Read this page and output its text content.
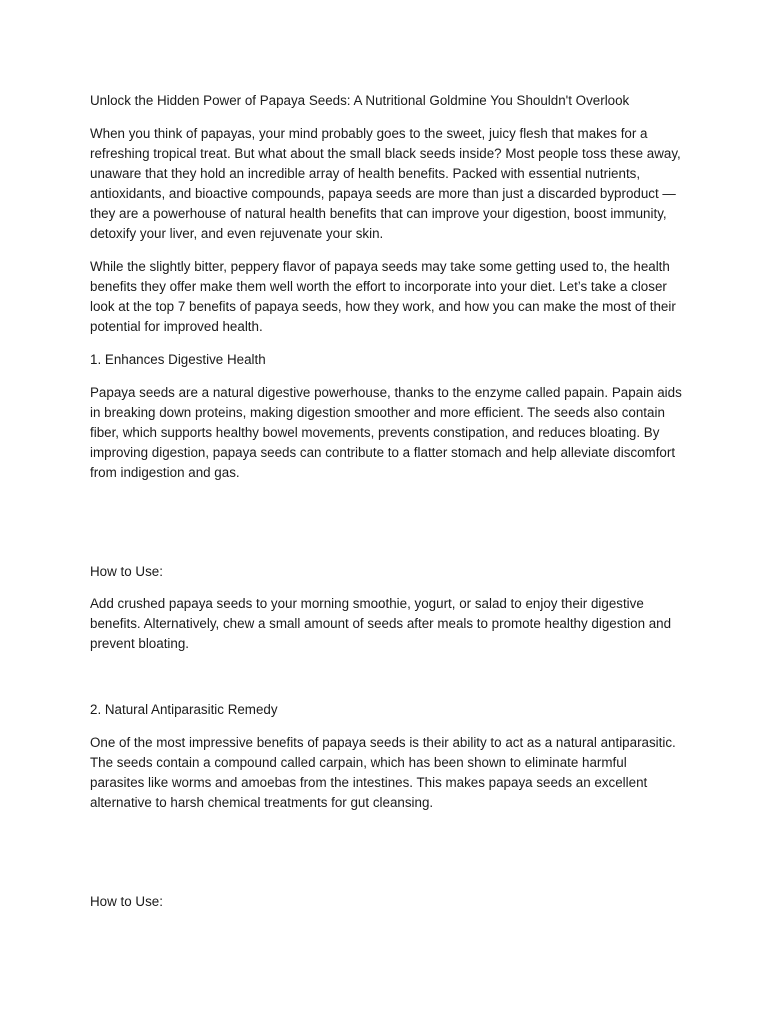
Unlock the Hidden Power of Papaya Seeds: A Nutritional Goldmine You Shouldn't Overlook

When you think of papayas, your mind probably goes to the sweet, juicy flesh that makes for a refreshing tropical treat. But what about the small black seeds inside? Most people toss these away, unaware that they hold an incredible array of health benefits. Packed with essential nutrients, antioxidants, and bioactive compounds, papaya seeds are more than just a discarded byproduct — they are a powerhouse of natural health benefits that can improve your digestion, boost immunity, detoxify your liver, and even rejuvenate your skin.

While the slightly bitter, peppery flavor of papaya seeds may take some getting used to, the health benefits they offer make them well worth the effort to incorporate into your diet. Let’s take a closer look at the top 7 benefits of papaya seeds, how they work, and how you can make the most of their potential for improved health.

1. Enhances Digestive Health

Papaya seeds are a natural digestive powerhouse, thanks to the enzyme called papain. Papain aids in breaking down proteins, making digestion smoother and more efficient. The seeds also contain fiber, which supports healthy bowel movements, prevents constipation, and reduces bloating. By improving digestion, papaya seeds can contribute to a flatter stomach and help alleviate discomfort from indigestion and gas.

How to Use:

Add crushed papaya seeds to your morning smoothie, yogurt, or salad to enjoy their digestive benefits. Alternatively, chew a small amount of seeds after meals to promote healthy digestion and prevent bloating.

2. Natural Antiparasitic Remedy

One of the most impressive benefits of papaya seeds is their ability to act as a natural antiparasitic. The seeds contain a compound called carpain, which has been shown to eliminate harmful parasites like worms and amoebas from the intestines. This makes papaya seeds an excellent alternative to harsh chemical treatments for gut cleansing.

How to Use:
